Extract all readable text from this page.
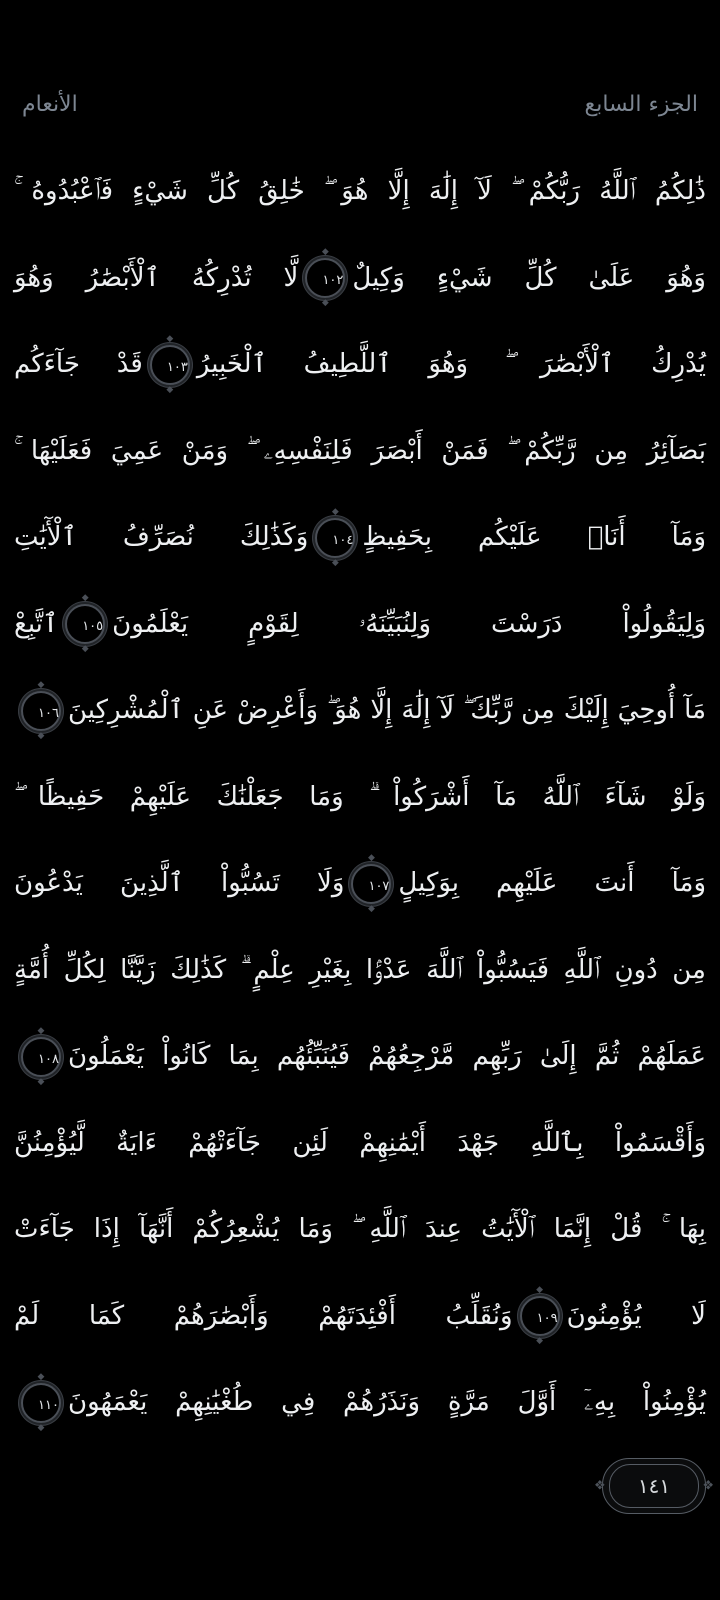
الجزء السابع
الأنعام
ذَٰلِكُمُ ٱللَّهُ رَبُّكُمْ ۖ لَآ إِلَٰهَ إِلَّا هُوَ ۖ خَٰلِقُ كُلِّ شَيْءٍ فَٱعْبُدُوهُ ۚ
وَهُوَ عَلَىٰ كُلِّ شَيْءٍ وَكِيلٌ◆ ١٠٢ ◆لَّا تُدْرِكُهُ ٱلْأَبْصَٰرُ وَهُوَ
يُدْرِكُ ٱلْأَبْصَٰرَ ۖ وَهُوَ ٱللَّطِيفُ ٱلْخَبِيرُ◆ ١٠٣ ◆قَدْ جَآءَكُم
بَصَآئِرُ مِن رَّبِّكُمْ ۖ فَمَنْ أَبْصَرَ فَلِنَفْسِهِۦ ۖ وَمَنْ عَمِيَ فَعَلَيْهَا ۚ
وَمَآ أَنَا۠ عَلَيْكُم بِحَفِيظٍ◆ ١٠٤ ◆وَكَذَٰلِكَ نُصَرِّفُ ٱلْأٓيَٰتِ
وَلِيَقُولُواْ دَرَسْتَ وَلِنُبَيِّنَهُۥ لِقَوْمٍ يَعْلَمُونَ◆ ١٠٥ ◆ٱتَّبِعْ
مَآ أُوحِيَ إِلَيْكَ مِن رَّبِّكَ ۖ لَآ إِلَٰهَ إِلَّا هُوَ ۖ وَأَعْرِضْ عَنِ ٱلْمُشْرِكِينَ◆ ١٠٦ ◆
وَلَوْ شَآءَ ٱللَّهُ مَآ أَشْرَكُواْ ۗ وَمَا جَعَلْنَٰكَ عَلَيْهِمْ حَفِيظًا ۖ
وَمَآ أَنتَ عَلَيْهِم بِوَكِيلٍ◆ ١٠٧ ◆وَلَا تَسُبُّواْ ٱلَّذِينَ يَدْعُونَ
مِن دُونِ ٱللَّهِ فَيَسُبُّواْ ٱللَّهَ عَدْوَۢا بِغَيْرِ عِلْمٍ ۗ كَذَٰلِكَ زَيَّنَّا لِكُلِّ أُمَّةٍ
عَمَلَهُمْ ثُمَّ إِلَىٰ رَبِّهِم مَّرْجِعُهُمْ فَيُنَبِّئُهُم بِمَا كَانُواْ يَعْمَلُونَ◆ ١٠٨ ◆
وَأَقْسَمُواْ بِٱللَّهِ جَهْدَ أَيْمَٰنِهِمْ لَئِن جَآءَتْهُمْ ءَايَةٌ لَّيُؤْمِنُنَّ
بِهَا ۚ قُلْ إِنَّمَا ٱلْأٓيَٰتُ عِندَ ٱللَّهِ ۖ وَمَا يُشْعِرُكُمْ أَنَّهَآ إِذَا جَآءَتْ
لَا يُؤْمِنُونَ◆ ١٠٩ ◆وَنُقَلِّبُ أَفْئِدَتَهُمْ وَأَبْصَٰرَهُمْ كَمَا لَمْ
يُؤْمِنُواْ بِهِۦٓ أَوَّلَ مَرَّةٍ وَنَذَرُهُمْ فِي طُغْيَٰنِهِمْ يَعْمَهُونَ◆ ١١٠ ◆
❖ ١٤١ ❖
